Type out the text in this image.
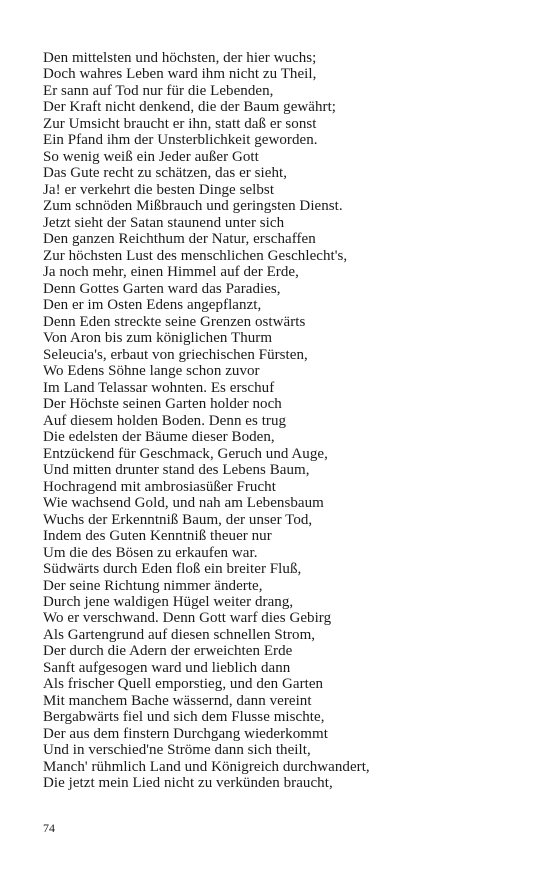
Den mittelsten und höchsten, der hier wuchs;
Doch wahres Leben ward ihm nicht zu Theil,
Er sann auf Tod nur für die Lebenden,
Der Kraft nicht denkend, die der Baum gewährt;
Zur Umsicht braucht er ihn, statt daß er sonst
Ein Pfand ihm der Unsterblichkeit geworden.
So wenig weiß ein Jeder außer Gott
Das Gute recht zu schätzen, das er sieht,
Ja! er verkehrt die besten Dinge selbst
Zum schnöden Mißbrauch und geringsten Dienst.
Jetzt sieht der Satan staunend unter sich
Den ganzen Reichthum der Natur, erschaffen
Zur höchsten Lust des menschlichen Geschlecht's,
Ja noch mehr, einen Himmel auf der Erde,
Denn Gottes Garten ward das Paradies,
Den er im Osten Edens angepflanzt,
Denn Eden streckte seine Grenzen ostwärts
Von Aron bis zum königlichen Thurm
Seleucia's, erbaut von griechischen Fürsten,
Wo Edens Söhne lange schon zuvor
Im Land Telassar wohnten. Es erschuf
Der Höchste seinen Garten holder noch
Auf diesem holden Boden. Denn es trug
Die edelsten der Bäume dieser Boden,
Entzückend für Geschmack, Geruch und Auge,
Und mitten drunter stand des Lebens Baum,
Hochragend mit ambrosiasüßer Frucht
Wie wachsend Gold, und nah am Lebensbaum
Wuchs der Erkenntniß Baum, der unser Tod,
Indem des Guten Kenntniß theuer nur
Um die des Bösen zu erkaufen war.
Südwärts durch Eden floß ein breiter Fluß,
Der seine Richtung nimmer änderte,
Durch jene waldigen Hügel weiter drang,
Wo er verschwand. Denn Gott warf dies Gebirg
Als Gartengrund auf diesen schnellen Strom,
Der durch die Adern der erweichten Erde
Sanft aufgesogen ward und lieblich dann
Als frischer Quell emporstieg, und den Garten
Mit manchem Bache wässernd, dann vereint
Bergabwärts fiel und sich dem Flusse mischte,
Der aus dem finstern Durchgang wiederkommt
Und in verschied'ne Ströme dann sich theilt,
Manch' rühmlich Land und Königreich durchwandert,
Die jetzt mein Lied nicht zu verkünden braucht,
74
